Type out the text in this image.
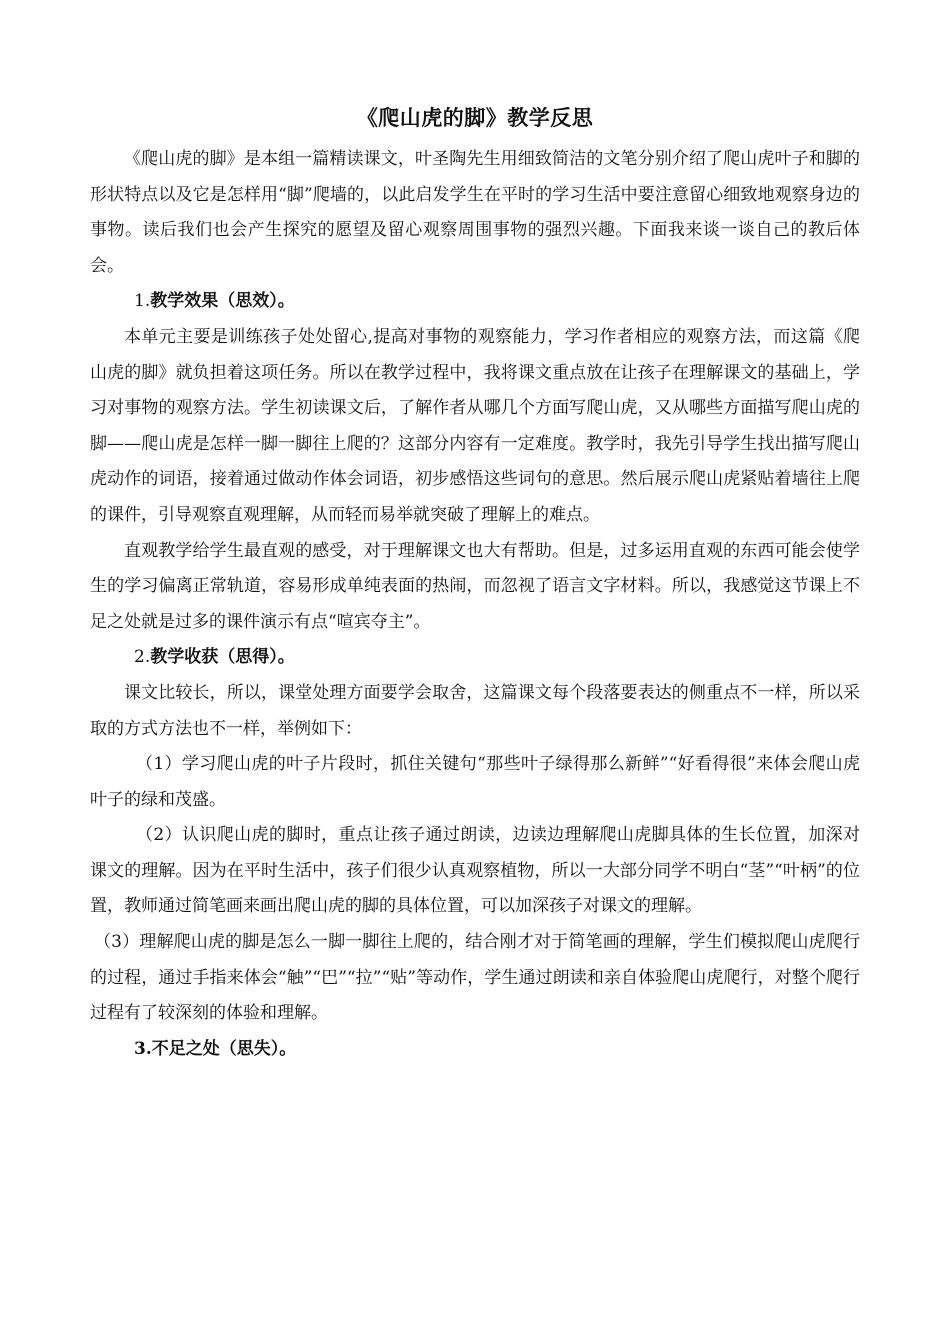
《爬山虎的脚》教学反思

《爬山虎的脚》是本组一篇精读课文，叶圣陶先生用细致简洁的文笔分别介绍了爬山虎叶子和脚的形状特点以及它是怎样用“脚”爬墙的，以此启发学生在平时的学习生活中要注意留心细致地观察身边的事物。读后我们也会产生探究的愿望及留心观察周围事物的强烈兴趣。下面我来谈一谈自己的教后体会。

1.教学效果（思效）。

本单元主要是训练孩子处处留心,提高对事物的观察能力，学习作者相应的观察方法，而这篇《爬山虎的脚》就负担着这项任务。所以在教学过程中，我将课文重点放在让孩子在理解课文的基础上，学习对事物的观察方法。学生初读课文后，了解作者从哪几个方面写爬山虎，又从哪些方面描写爬山虎的脚——爬山虎是怎样一脚一脚往上爬的？这部分内容有一定难度。教学时，我先引导学生找出描写爬山虎动作的词语，接着通过做动作体会词语，初步感悟这些词句的意思。然后展示爬山虎紧贴着墙往上爬的课件，引导观察直观理解，从而轻而易举就突破了理解上的难点。

直观教学给学生最直观的感受，对于理解课文也大有帮助。但是，过多运用直观的东西可能会使学生的学习偏离正常轨道，容易形成单纯表面的热闹，而忽视了语言文字材料。所以，我感觉这节课上不足之处就是过多的课件演示有点“喧宾夺主”。

2.教学收获（思得）。

课文比较长，所以，课堂处理方面要学会取舍，这篇课文每个段落要表达的侧重点不一样，所以采取的方式方法也不一样，举例如下：

（1）学习爬山虎的叶子片段时，抓住关键句“那些叶子绿得那么新鲜”“好看得很”来体会爬山虎叶子的绿和茂盛。

（2）认识爬山虎的脚时，重点让孩子通过朗读，边读边理解爬山虎脚具体的生长位置，加深对课文的理解。因为在平时生活中，孩子们很少认真观察植物，所以一大部分同学不明白“茎”“叶柄”的位置，教师通过简笔画来画出爬山虎的脚的具体位置，可以加深孩子对课文的理解。

（3）理解爬山虎的脚是怎么一脚一脚往上爬的，结合刚才对于简笔画的理解，学生们模拟爬山虎爬行的过程，通过手指来体会“触”“巴”“拉”“贴”等动作，学生通过朗读和亲自体验爬山虎爬行，对整个爬行过程有了较深刻的体验和理解。

3.不足之处（思失）。
